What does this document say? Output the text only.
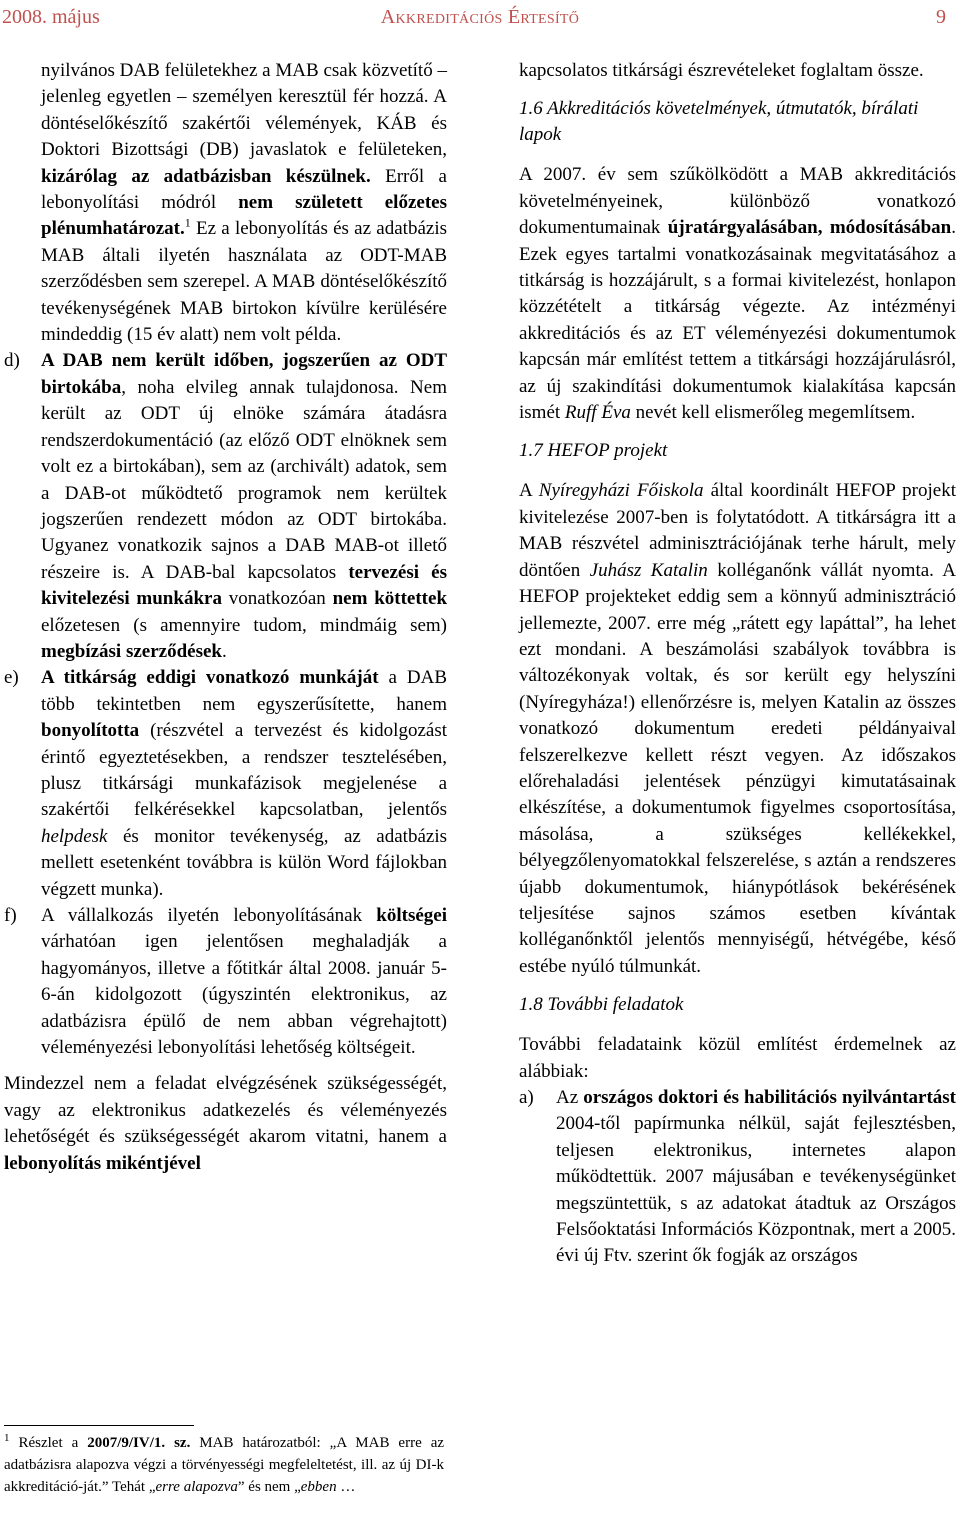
2008. május	Akkreditációs Értesítő	9

nyilvános DAB felületekhez a MAB csak közvetítő – jelenleg egyetlen – személyen keresztül fér hozzá. A döntéselőkészítő szakértői vélemények, KÁB és Doktori Bizottsági (DB) javaslatok e felületeken, kizárólag az adatbázisban készülnek. Erről a lebonyolítási módról nem született előzetes plénumhatározat.$^1$ Ez a lebonyolítás és az adatbázis MAB általi ilyetén használata az ODT-MAB szerződésben sem szerepel. A MAB döntéselőkészítő tevékenységének MAB birtokon kívülre kerülésére mindeddig (15 év alatt) nem volt példa.

d) A DAB nem került időben, jogszerűen az ODT birtokába, noha elvileg annak tulajdonosa. Nem került az ODT új elnöke számára átadásra rendszerdokumentáció (az előző ODT elnöknek sem volt ez a birtokában), sem az (archivált) adatok, sem a DAB-ot működtető programok nem kerültek jogszerűen rendezett módon az ODT birtokába. Ugyanez vonatkozik sajnos a DAB MAB-ot illető részeire is. A DAB-bal kapcsolatos tervezési és kivitelezési munkákra vonatkozóan nem köttettek előzetesen (s amennyire tudom, mindmáig sem) megbízási szerződések.

e) A titkárság eddigi vonatkozó munkáját a DAB több tekintetben nem egyszerűsítette, hanem bonyolította (részvétel a tervezést és kidolgozást érintő egyeztetésekben, a rendszer tesztelésében, plusz titkársági munkafázisok megjelenése a szakértői felkérésekkel kapcsolatban, jelentős helpdesk és monitor tevékenység, az adatbázis mellett esetenként továbbra is külön Word fájlokban végzett munka).

f) A vállalkozás ilyetén lebonyolításának költségei várhatóan igen jelentősen meghaladják a hagyományos, illetve a főtitkár által 2008. január 5-6-án kidolgozott (úgyszintén elektronikus, az adatbázisra épülő de nem abban végrehajtott) véleményezési lebonyolítási lehetőség költségeit.

Mindezzel nem a feladat elvégzésének szükségességét, vagy az elektronikus adatkezelés és véleményezés lehetőségét és szükségességét akarom vitatni, hanem a lebonyolítás mikéntjével

$^1$ Részlet a 2007/9/IV/1. sz. MAB határozatból: „A MAB erre az adatbázisra alapozva végzi a törvényességi megfeleltetést, ill. az új DI-k akkreditáció-ját.” Tehát „erre alapozva” és nem „ebben …

kapcsolatos titkársági észrevételeket foglaltam össze.

1.6 Akkreditációs követelmények, útmutatók, bírálati lapok

A 2007. év sem szűkölködött a MAB akkreditációs követelményeinek, különböző vonatkozó dokumentumainak újratárgyalásában, módosításában. Ezek egyes tartalmi vonatkozásainak megvitatásához a titkárság is hozzájárult, s a formai kivitelezést, honlapon közzétételt a titkárság végezte. Az intézményi akkreditációs és az ET véleményezési dokumentumok kapcsán már említést tettem a titkársági hozzájárulásról, az új szakindítási dokumentumok kialakítása kapcsán ismét Ruff Éva nevét kell elismerőleg megemlítsem.

1.7 HEFOP projekt

A Nyíregyházi Főiskola által koordinált HEFOP projekt kivitelezése 2007-ben is folytatódott. A titkárságra itt a MAB részvétel adminisztrációjának terhe hárult, mely döntően Juhász Katalin kolléganőnk vállát nyomta. A HEFOP projekteket eddig sem a könnyű adminisztráció jellemezte, 2007. erre még „rátett egy lapáttal”, ha lehet ezt mondani. A beszámolási szabályok továbbra is változékonyak voltak, és sor került egy helyszíni (Nyíregyháza!) ellenőrzésre is, melyen Katalin az összes vonatkozó dokumentum eredeti példányaival felszerelkezve kellett részt vegyen. Az időszakos előrehaladási jelentések pénzügyi kimutatásainak elkészítése, a dokumentumok figyelmes csoportosítása, másolása, a szükséges kellékekkel, bélyegzőlenyomatokkal felszerelése, s aztán a rendszeres újabb dokumentumok, hiánypótlások bekérésének teljesítése sajnos számos esetben kívántak kolléganőnktől jelentős mennyiségű, hétvégébe, késő estébe nyúló túlmunkát.

1.8 További feladatok

További feladataink közül említést érdemelnek az alábbiak:

a) Az országos doktori és habilitációs nyilvántartást 2004-től papírmunka nélkül, saját fejlesztésben, teljesen elektronikus, internetes alapon működtettük. 2007 májusában e tevékenységünket megszüntettük, s az adatokat átadtuk az Országos Felsőoktatási Információs Központnak, mert a 2005. évi új Ftv. szerint ők fogják az országos
